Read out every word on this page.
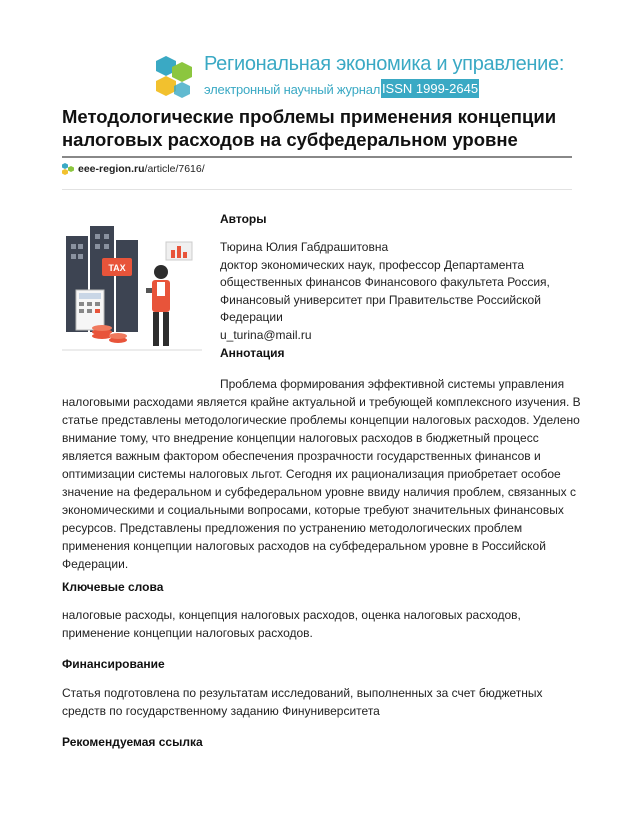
Региональная экономика и управление:
электронный научный журнал ISSN 1999-2645
Методологические проблемы применения концепции налоговых расходов на субфедеральном уровне
eee-region.ru/article/7616/
TAX
Авторы
Тюрина Юлия Габдрашитовна
доктор экономических наук, профессор Департамента общественных финансов Финансового факультета Россия, Финансовый университет при Правительстве Российской Федерации
u_turina@mail.ru
Аннотация
Проблема формирования эффективной системы управления налоговыми расходами является крайне актуальной и требующей комплексного изучения. В статье представлены методологические проблемы концепции налоговых расходов. Уделено внимание тому, что внедрение концепции налоговых расходов в бюджетный процесс является важным фактором обеспечения прозрачности государственных финансов и оптимизации системы налоговых льгот. Сегодня их рационализация приобретает особое значение на федеральном и субфедеральном уровне ввиду наличия проблем, связанных с экономическими и социальными вопросами, которые требуют значительных финансовых ресурсов. Представлены предложения по устранению методологических проблем применения концепции налоговых расходов на субфедеральном уровне в Российской Федерации.
Ключевые слова
налоговые расходы, концепция налоговых расходов, оценка налоговых расходов, применение концепции налоговых расходов.
Финансирование
Статья подготовлена по результатам исследований, выполненных за счет бюджетных средств по государственному заданию Финуниверситета
Рекомендуемая ссылка
